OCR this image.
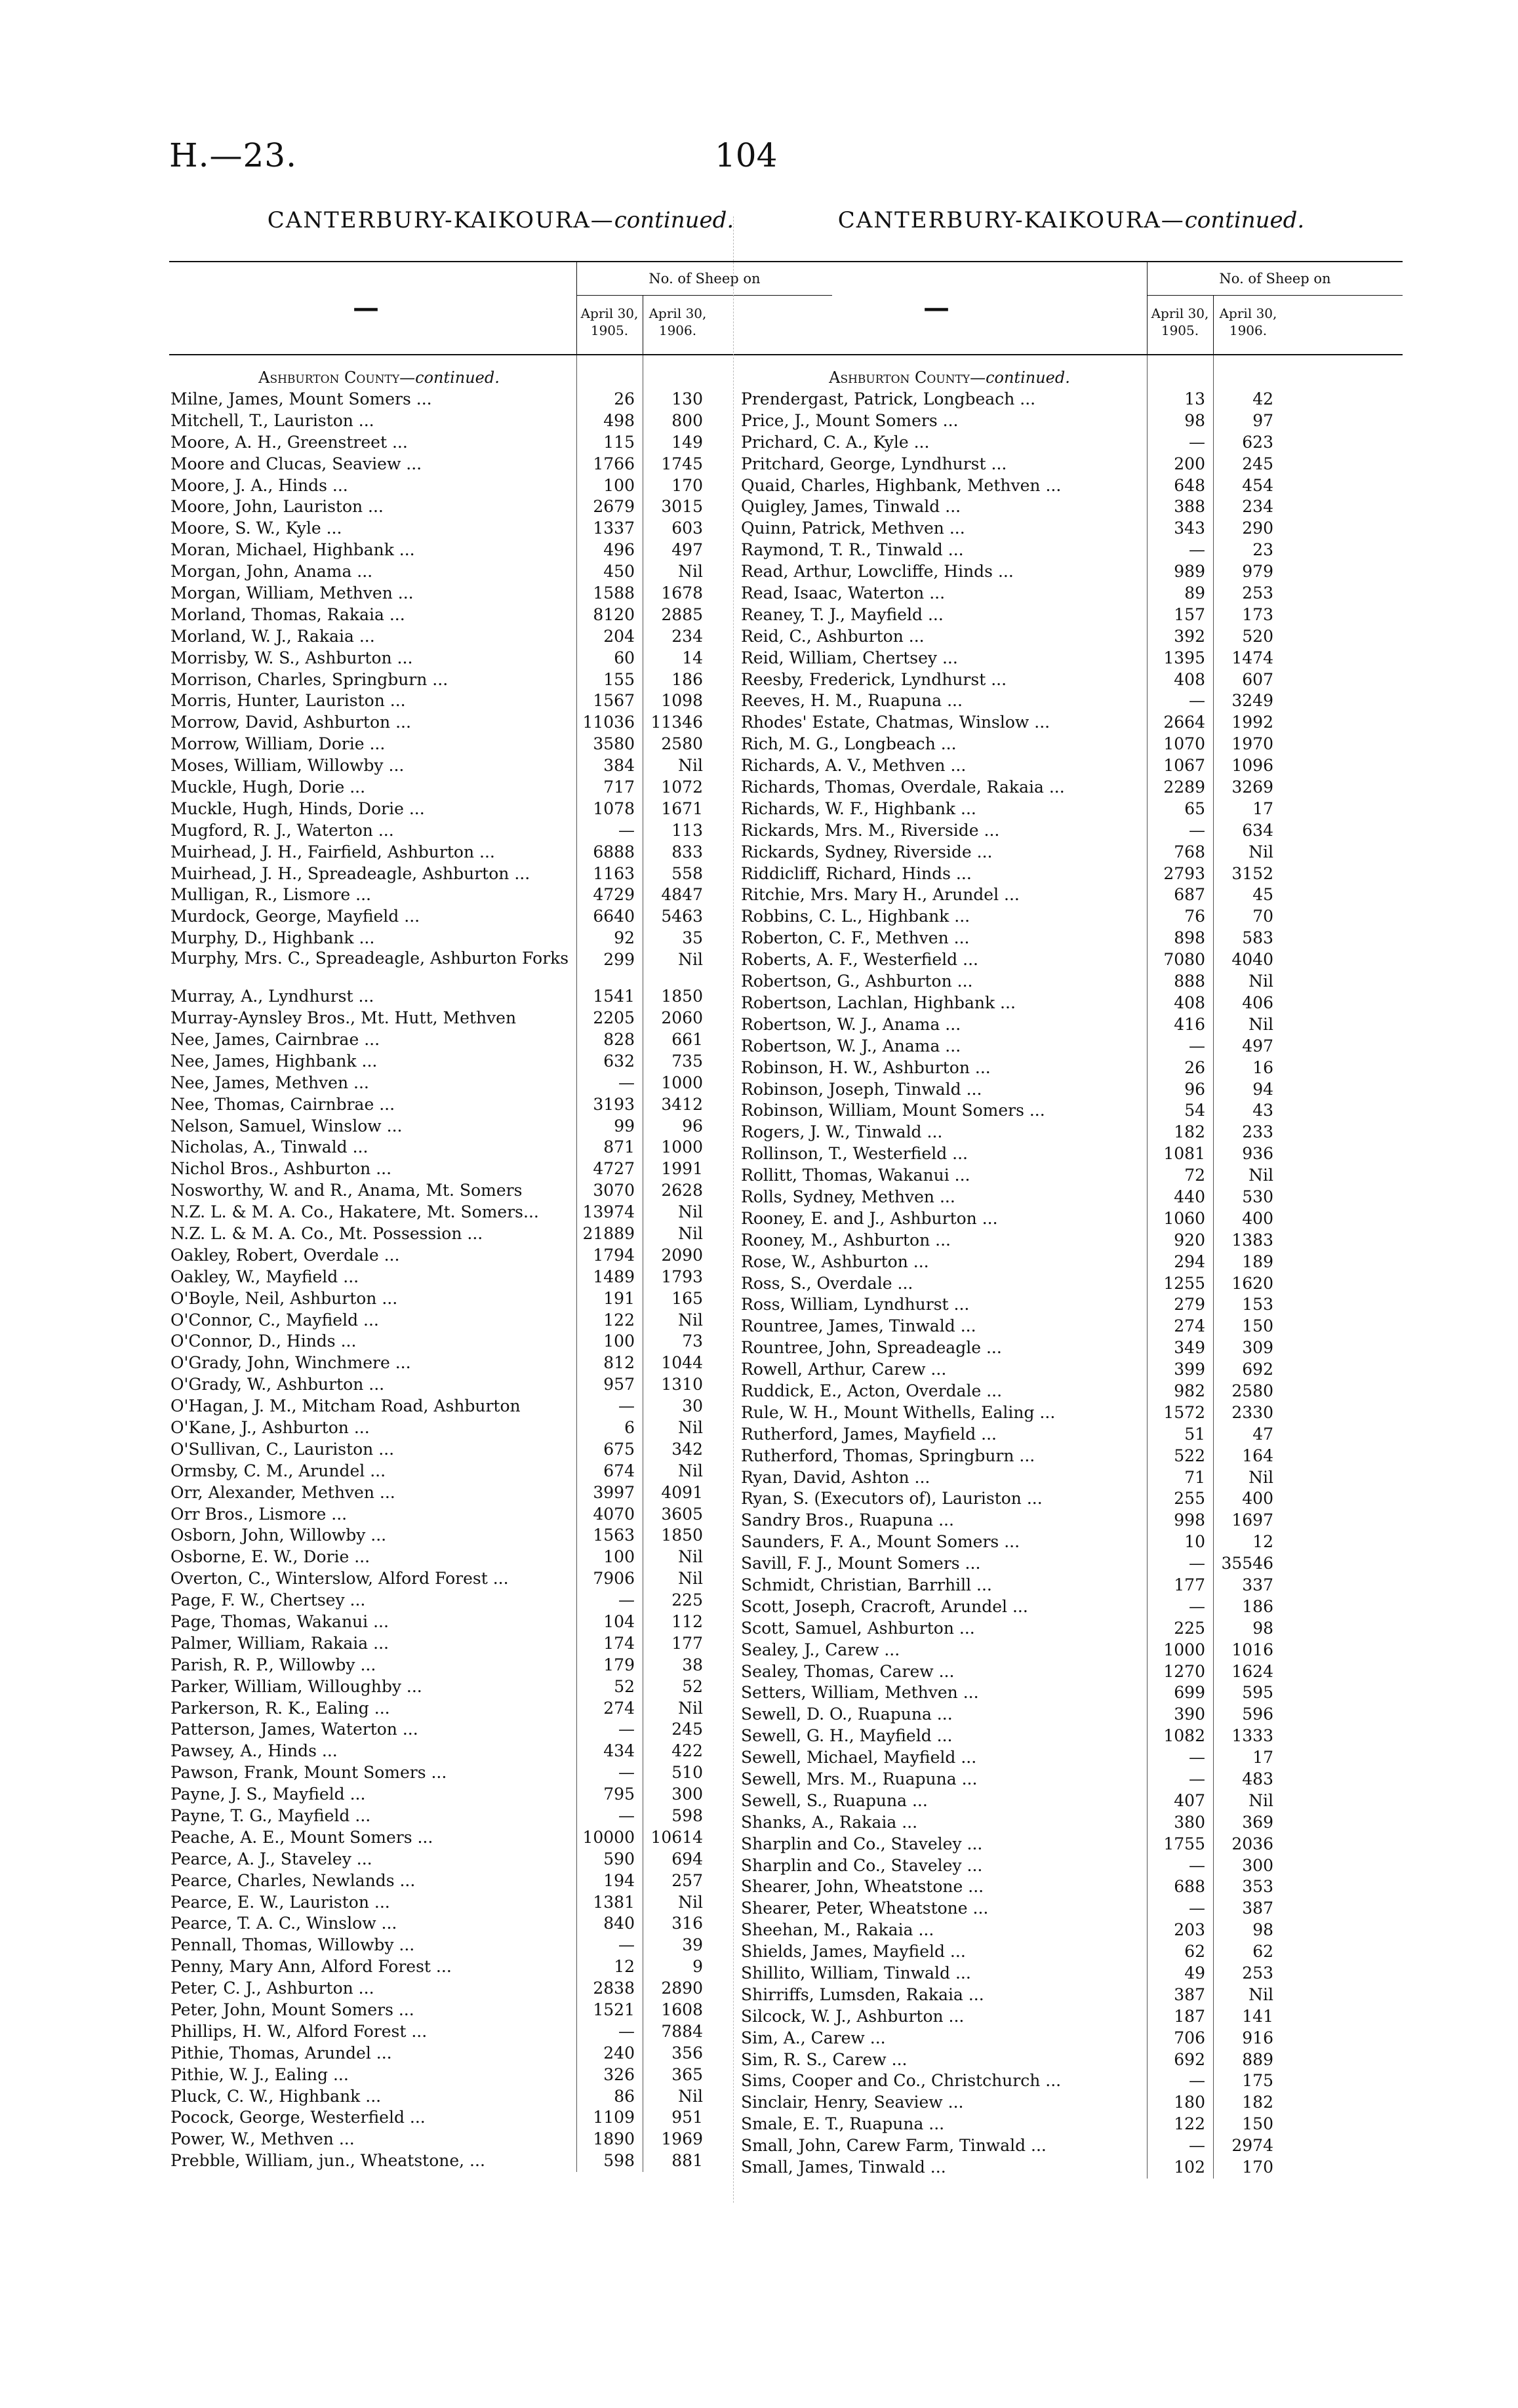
H.—23.	104
CANTERBURY-KAIKOURA—continued.
—
No. of Sheep on
April 30,
1905.
April 30,
1906.
Ashburton County—continued.
Milne, James, Mount Somers ...	26	130
Mitchell, T., Lauriston ...	498	800
Moore, A. H., Greenstreet ...	115	149
Moore and Clucas, Seaview ...	1766	1745
Moore, J. A., Hinds ...	100	170
Moore, John, Lauriston ...	2679	3015
Moore, S. W., Kyle ...	1337	603
Moran, Michael, Highbank ...	496	497
Morgan, John, Anama ...	450	Nil
Morgan, William, Methven ...	1588	1678
Morland, Thomas, Rakaia ...	8120	2885
Morland, W. J., Rakaia ...	204	234
Morrisby, W. S., Ashburton ...	60	14
Morrison, Charles, Springburn ...	155	186
Morris, Hunter, Lauriston ...	1567	1098
Morrow, David, Ashburton ...	11036 11346
Morrow, William, Dorie ...	3580	2580
Moses, William, Willowby ...	384	Nil
Muckle, Hugh, Dorie ...	717	1072
Muckle, Hugh, Hinds, Dorie ...	1078	1671
Mugford, R. J., Waterton ...	—	113
Muirhead, J. H., Fairfield, Ashburton ...	6888	833
Muirhead, J. H., Spreadeagle, Ashburton ...	1163	558
Mulligan, R., Lismore ...	4729	4847
Murdock, George, Mayfield ...	6640	5463
Murphy, D., Highbank ...	92	35
Murphy, Mrs. C., Spreadeagle, Ashburton Forks	299	Nil
Murray, A., Lyndhurst ...	1541	1850
Murray-Aynsley Bros., Mt. Hutt, Methven	2205	2060
Nee, James, Cairnbrae ...	828	661
Nee, James, Highbank ...	632	735
Nee, James, Methven ...	—	1000
Nee, Thomas, Cairnbrae ...	3193	3412
Nelson, Samuel, Winslow ...	99	96
Nicholas, A., Tinwald ...	871	1000
Nichol Bros., Ashburton ...	4727	1991
Nosworthy, W. and R., Anama, Mt. Somers	3070	2628
N.Z. L. & M. A. Co., Hakatere, Mt. Somers...	13974	Nil
N.Z. L. & M. A. Co., Mt. Possession ...	21889	Nil
Oakley, Robert, Overdale ...	1794	2090
Oakley, W., Mayfield ...	1489	1793
O'Boyle, Neil, Ashburton ...	191	165
O'Connor, C., Mayfield ...	122	Nil
O'Connor, D., Hinds ...	100	73
O'Grady, John, Winchmere ...	812	1044
O'Grady, W., Ashburton ...	957	1310
O'Hagan, J. M., Mitcham Road, Ashburton	—	30
O'Kane, J., Ashburton ...	6	Nil
O'Sullivan, C., Lauriston ...	675	342
Ormsby, C. M., Arundel ...	674	Nil
Orr, Alexander, Methven ...	3997	4091
Orr Bros., Lismore ...	4070	3605
Osborn, John, Willowby ...	1563	1850
Osborne, E. W., Dorie ...	100	Nil
Overton, C., Winterslow, Alford Forest ...	7906	Nil
Page, F. W., Chertsey ...	—	225
Page, Thomas, Wakanui ...	104	112
Palmer, William, Rakaia ...	174	177
Parish, R. P., Willowby ...	179	38
Parker, William, Willoughby ...	52	52
Parkerson, R. K., Ealing ...	274	Nil
Patterson, James, Waterton ...	—	245
Pawsey, A., Hinds ...	434	422
Pawson, Frank, Mount Somers ...	—	510
Payne, J. S., Mayfield ...	795	300
Payne, T. G., Mayfield ...	—	598
Peache, A. E., Mount Somers ...	10000 10614
Pearce, A. J., Staveley ...	590	694
Pearce, Charles, Newlands ...	194	257
Pearce, E. W., Lauriston ...	1381	Nil
Pearce, T. A. C., Winslow ...	840	316
Pennall, Thomas, Willowby ...	—	39
Penny, Mary Ann, Alford Forest ...	12	9
Peter, C. J., Ashburton ...	2838	2890
Peter, John, Mount Somers ...	1521	1608
Phillips, H. W., Alford Forest ...	—	7884
Pithie, Thomas, Arundel ...	240	356
Pithie, W. J., Ealing ...	326	365
Pluck, C. W., Highbank ...	86	Nil
Pocock, George, Westerfield ...	1109	951
Power, W., Methven ...	1890	1969
Prebble, William, jun., Wheatstone, ...	598	881
CANTERBURY-KAIKOURA—continued.
—
No. of Sheep on
April 30,
1905.
April 30,
1906.
Ashburton County—continued.
Prendergast, Patrick, Longbeach ...	13	42
Price, J., Mount Somers ...	98	97
Prichard, C. A., Kyle ...	—	623
Pritchard, George, Lyndhurst ...	200	245
Quaid, Charles, Highbank, Methven ...	648	454
Quigley, James, Tinwald ...	388	234
Quinn, Patrick, Methven ...	343	290
Raymond, T. R., Tinwald ...	—	23
Read, Arthur, Lowcliffe, Hinds ...	989	979
Read, Isaac, Waterton ...	89	253
Reaney, T. J., Mayfield ...	157	173
Reid, C., Ashburton ...	392	520
Reid, William, Chertsey ...	1395	1474
Reesby, Frederick, Lyndhurst ...	408	607
Reeves, H. M., Ruapuna ...	—	3249
Rhodes' Estate, Chatmas, Winslow ...	2664	1992
Rich, M. G., Longbeach ...	1070	1970
Richards, A. V., Methven ...	1067	1096
Richards, Thomas, Overdale, Rakaia ...	2289	3269
Richards, W. F., Highbank ...	65	17
Rickards, Mrs. M., Riverside ...	—	634
Rickards, Sydney, Riverside ...	768	Nil
Riddicliff, Richard, Hinds ...	2793	3152
Ritchie, Mrs. Mary H., Arundel ...	687	45
Robbins, C. L., Highbank ...	76	70
Roberton, C. F., Methven ...	898	583
Roberts, A. F., Westerfield ...	7080	4040
Robertson, G., Ashburton ...	888	Nil
Robertson, Lachlan, Highbank ...	408	406
Robertson, W. J., Anama ...	416	Nil
Robertson, W. J., Anama ...	—	497
Robinson, H. W., Ashburton ...	26	16
Robinson, Joseph, Tinwald ...	96	94
Robinson, William, Mount Somers ...	54	43
Rogers, J. W., Tinwald ...	182	233
Rollinson, T., Westerfield ...	1081	936
Rollitt, Thomas, Wakanui ...	72	Nil
Rolls, Sydney, Methven ...	440	530
Rooney, E. and J., Ashburton ...	1060	400
Rooney, M., Ashburton ...	920	1383
Rose, W., Ashburton ...	294	189
Ross, S., Overdale ...	1255	1620
Ross, William, Lyndhurst ...	279	153
Rountree, James, Tinwald ...	274	150
Rountree, John, Spreadeagle ...	349	309
Rowell, Arthur, Carew ...	399	692
Ruddick, E., Acton, Overdale ...	982	2580
Rule, W. H., Mount Withells, Ealing ...	1572	2330
Rutherford, James, Mayfield ...	51	47
Rutherford, Thomas, Springburn ...	522	164
Ryan, David, Ashton ...	71	Nil
Ryan, S. (Executors of), Lauriston ...	255	400
Sandry Bros., Ruapuna ...	998	1697
Saunders, F. A., Mount Somers ...	10	12
Savill, F. J., Mount Somers ...	— 35546
Schmidt, Christian, Barrhill ...	177	337
Scott, Joseph, Cracroft, Arundel ...	—	186
Scott, Samuel, Ashburton ...	225	98
Sealey, J., Carew ...	1000	1016
Sealey, Thomas, Carew ...	1270	1624
Setters, William, Methven ...	699	595
Sewell, D. O., Ruapuna ...	390	596
Sewell, G. H., Mayfield ...	1082	1333
Sewell, Michael, Mayfield ...	—	17
Sewell, Mrs. M., Ruapuna ...	—	483
Sewell, S., Ruapuna ...	407	Nil
Shanks, A., Rakaia ...	380	369
Sharplin and Co., Staveley ...	1755	2036
Sharplin and Co., Staveley ...	—	300
Shearer, John, Wheatstone ...	688	353
Shearer, Peter, Wheatstone ...	—	387
Sheehan, M., Rakaia ...	203	98
Shields, James, Mayfield ...	62	62
Shillito, William, Tinwald ...	49	253
Shirriffs, Lumsden, Rakaia ...	387	Nil
Silcock, W. J., Ashburton ...	187	141
Sim, A., Carew ...	706	916
Sim, R. S., Carew ...	692	889
Sims, Cooper and Co., Christchurch ...	—	175
Sinclair, Henry, Seaview ...	180	182
Smale, E. T., Ruapuna ...	122	150
Small, John, Carew Farm, Tinwald ...	—	2974
Small, James, Tinwald ...	102	170
